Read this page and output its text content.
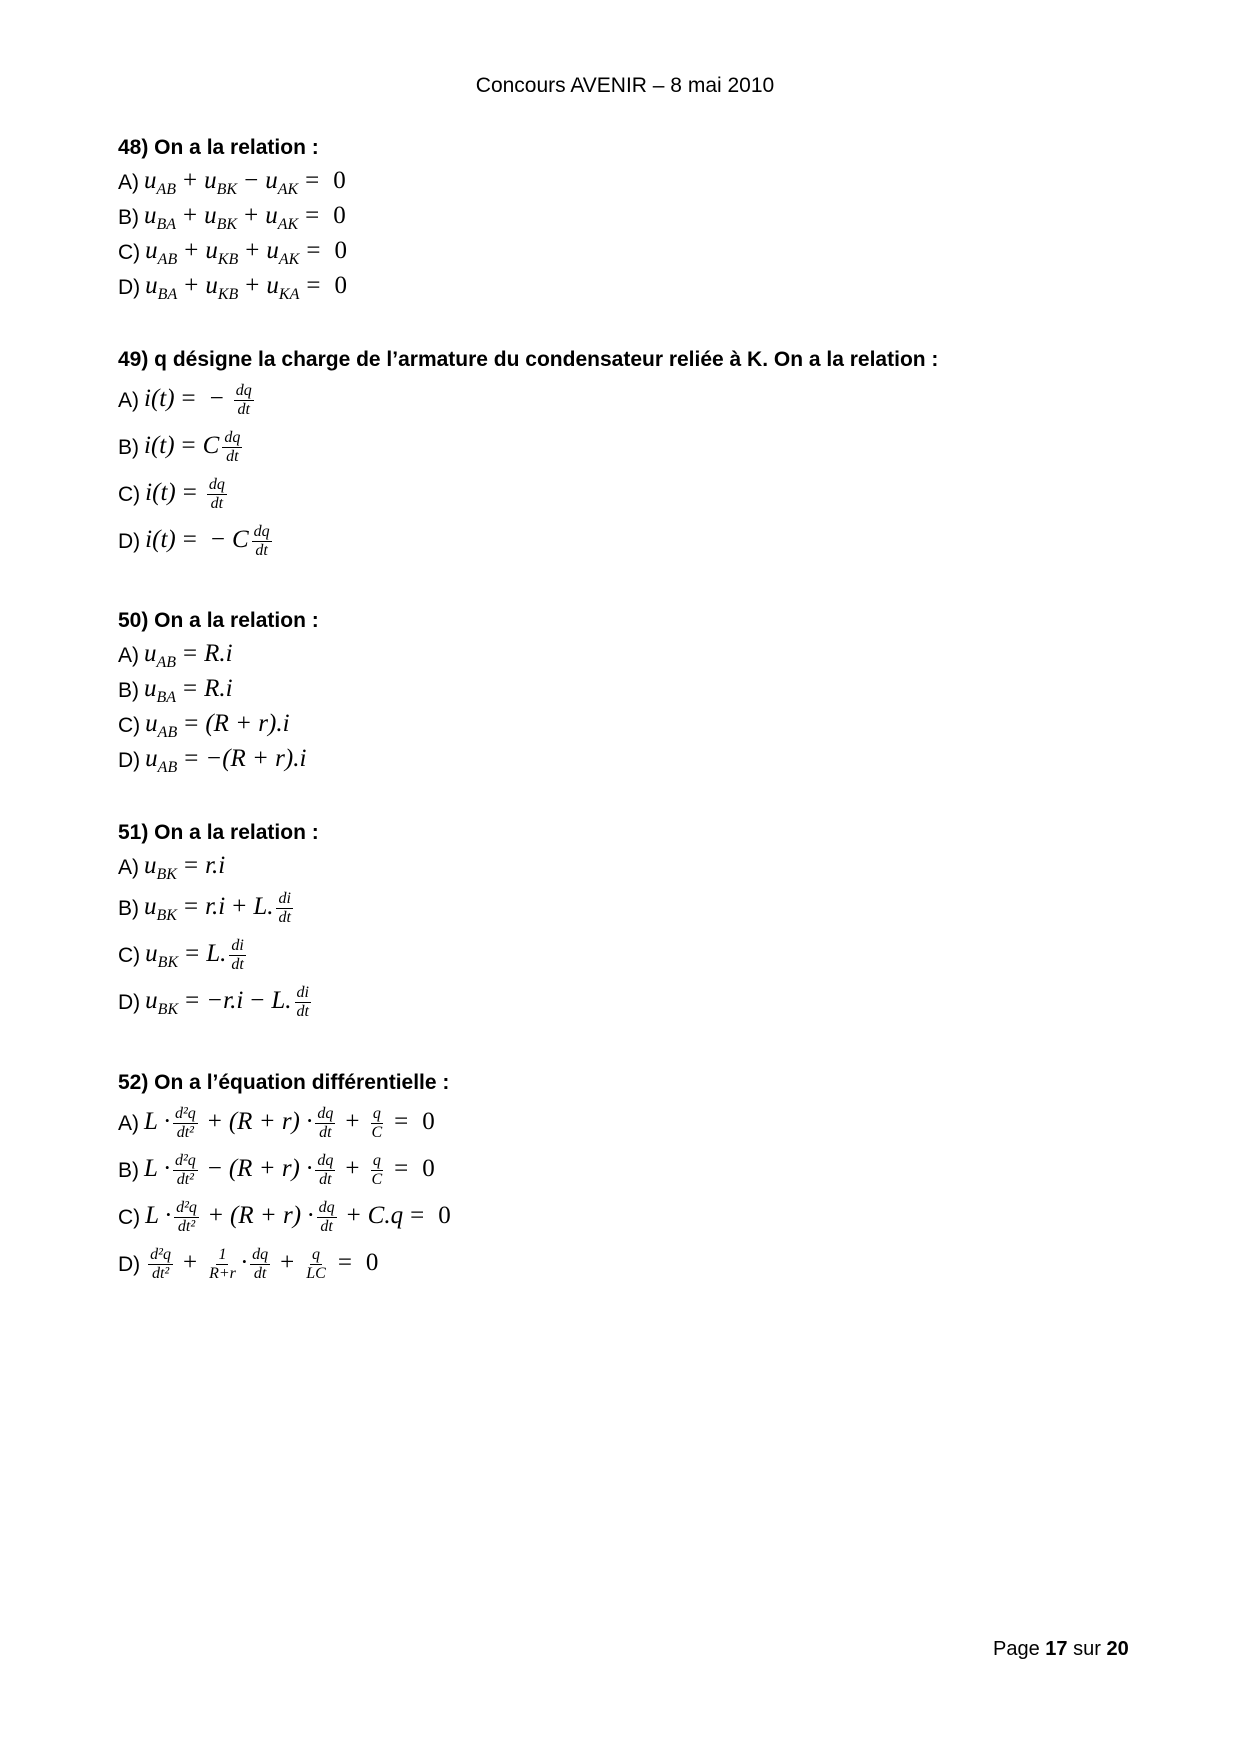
Concours AVENIR – 8 mai 2010
48) On a la relation :
A) $u_{AB} + u_{BK} - u_{AK} = 0$
B) $u_{BA} + u_{BK} + u_{AK} = 0$
C) $u_{AB} + u_{KB} + u_{AK} = 0$
D) $u_{BA} + u_{KB} + u_{KA} = 0$
49) q désigne la charge de l’armature du condensateur reliée à K. On a la relation :
A) i(t) = − $\frac{dq}{dt}$
B) i(t) = C $\frac{dq}{dt}$
C) $i(t) = \frac{dq}{dt}$
D) i(t) = − C $\frac{dq}{dt}$
50) On a la relation :
A) $u_{AB} = R.i$
B) $u_{BA} = R.i$
C) $u_{AB} = (R + r).i$
D) $u_{AB} = -(R + r).i$
51) On a la relation :
A) $u_{BK} = r.i$
B) $u_{BK} = r.i + L$. $\frac{di}{dt}$
C) $u_{BK} = L$. $\frac{di}{dt}$
D) $u_{BK} = -r.i - L$. $\frac{di}{dt}$
52) On a l’équation différentielle :
A) $L \cdot \frac{\text{d²q}}{\text{dt²}} + (R + r) \cdot \frac{dq}{dt} + \frac{q}{C} = 0$
B) $L \cdot \frac{\text{d²q}}{\text{dt²}} - (R + r) \cdot \frac{dq}{dt} + \frac{q}{C} = 0$
C) $L \cdot \frac{\text{d²q}}{\text{dt²}} + (R + r) \cdot \frac{dq}{dt} + C.q = 0$
$D) \frac{\text{d²q}}{\text{dt²}} + \frac{1}{R+r} \cdot \frac{dq}{dt} + \frac{q}{LC} = 0$
Page 17 sur 20
